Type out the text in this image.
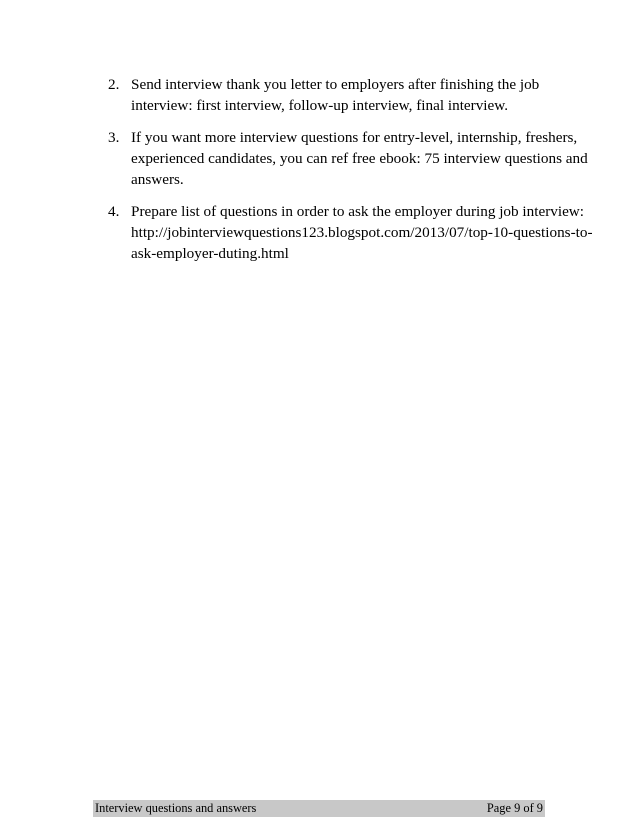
2. Send interview thank you letter to employers after finishing the job
interview: first interview, follow-up interview, final interview.
3. If you want more interview questions for entry-level, internship, freshers,
experienced candidates, you can ref free ebook: 75 interview questions and
answers.
4. Prepare list of questions in order to ask the employer during job interview:
http://jobinterviewquestions123.blogspot.com/2013/07/top-10-questions-to-
ask-employer-duting.html
Interview questions and answers	Page 9 of 9
